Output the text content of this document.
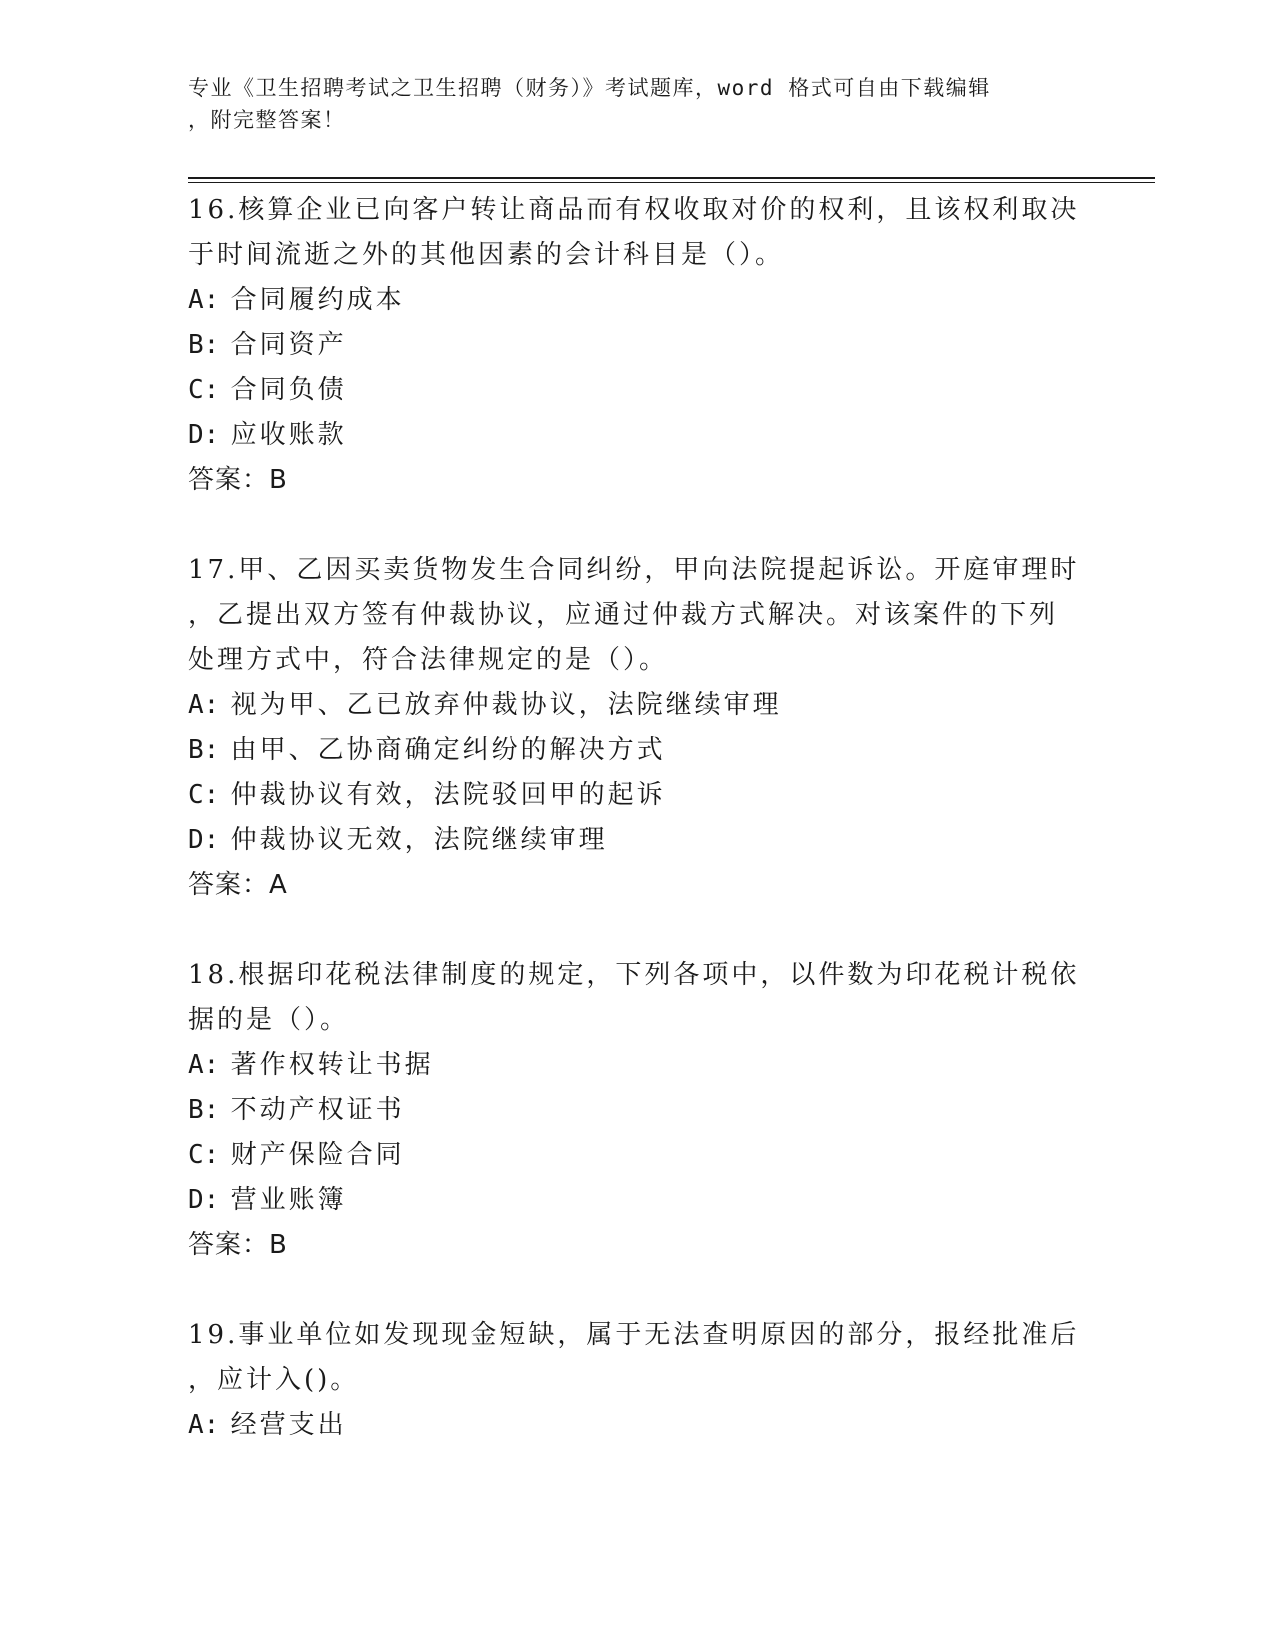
专业《卫生招聘考试之卫生招聘（财务）》考试题库，word 格式可自由下载编辑
，附完整答案！
16.核算企业已向客户转让商品而有权收取对价的权利，且该权利取决
于时间流逝之外的其他因素的会计科目是（）。
A: 合同履约成本
B: 合同资产
C: 合同负债
D: 应收账款
答案：B
17.甲、乙因买卖货物发生合同纠纷，甲向法院提起诉讼。开庭审理时
，乙提出双方签有仲裁协议，应通过仲裁方式解决。对该案件的下列
处理方式中，符合法律规定的是（）。
A: 视为甲、乙已放弃仲裁协议，法院继续审理
B: 由甲、乙协商确定纠纷的解决方式
C: 仲裁协议有效，法院驳回甲的起诉
D: 仲裁协议无效，法院继续审理
答案：A
18.根据印花税法律制度的规定，下列各项中，以件数为印花税计税依
据的是（）。
A: 著作权转让书据
B: 不动产权证书
C: 财产保险合同
D: 营业账簿
答案：B
19.事业单位如发现现金短缺，属于无法查明原因的部分，报经批准后
，应计入()。
A: 经营支出
